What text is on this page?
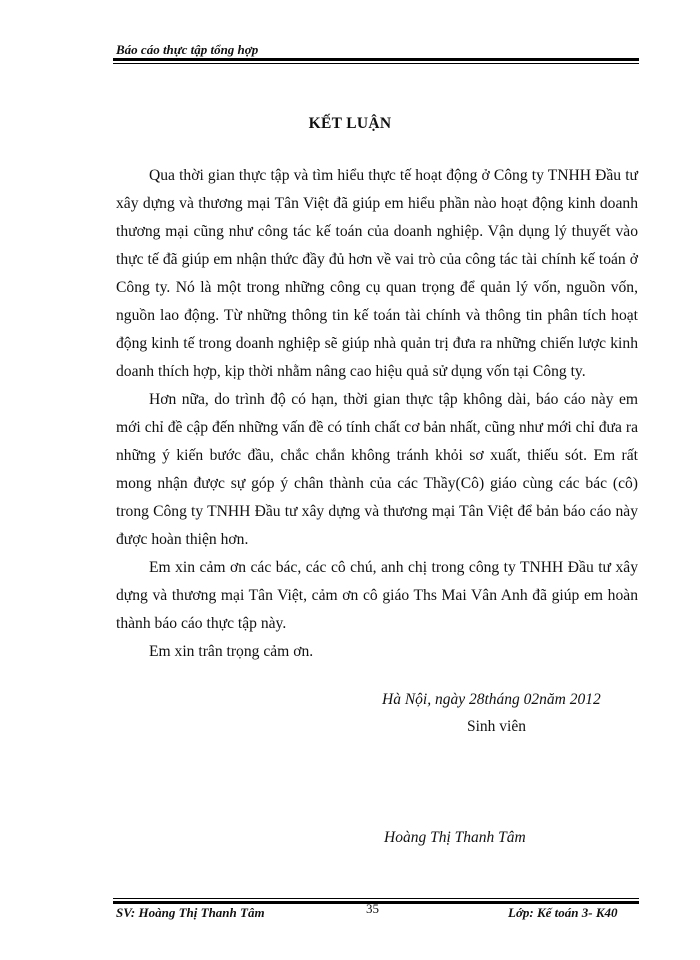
Báo cáo thực tập tổng hợp
KẾT LUẬN

Qua thời gian thực tập và tìm hiểu thực tế hoạt động ở Công ty TNHH Đầu tư xây dựng và thương mại Tân Việt đã giúp em hiểu phần nào hoạt động kinh doanh thương mại cũng như công tác kế toán của doanh nghiệp. Vận dụng lý thuyết vào thực tế đã giúp em nhận thức đầy đủ hơn về vai trò của công tác tài chính kế toán ở Công ty. Nó là một trong những công cụ quan trọng để quản lý vốn, nguồn vốn, nguồn lao động. Từ những thông tin kế toán tài chính và thông tin phân tích hoạt động kinh tế trong doanh nghiệp sẽ giúp nhà quản trị đưa ra những chiến lược kinh doanh thích hợp, kịp thời nhằm nâng cao hiệu quả sử dụng vốn tại Công ty.

Hơn nữa, do trình độ có hạn, thời gian thực tập không dài, báo cáo này em mới chỉ đề cập đến những vấn đề có tính chất cơ bản nhất, cũng như mới chỉ đưa ra những ý kiến bước đầu, chắc chắn không tránh khỏi sơ xuất, thiếu sót. Em rất mong nhận được sự góp ý chân thành của các Thầy(Cô) giáo cùng các bác (cô) trong Công ty TNHH Đầu tư xây dựng và thương mại Tân Việt để bản báo cáo này được hoàn thiện hơn.

Em xin cảm ơn các bác, các cô chú, anh chị trong công ty TNHH Đầu tư xây dựng và thương mại Tân Việt, cảm ơn cô giáo Ths Mai Vân Anh đã giúp em hoàn thành báo cáo thực tập này.

Em xin trân trọng cảm ơn.

Hà Nội, ngày 28tháng 02năm 2012
Sinh viên
Hoàng Thị Thanh Tâm
SV: Hoàng Thị Thanh Tâm	35	Lớp: Kế toán 3- K40
